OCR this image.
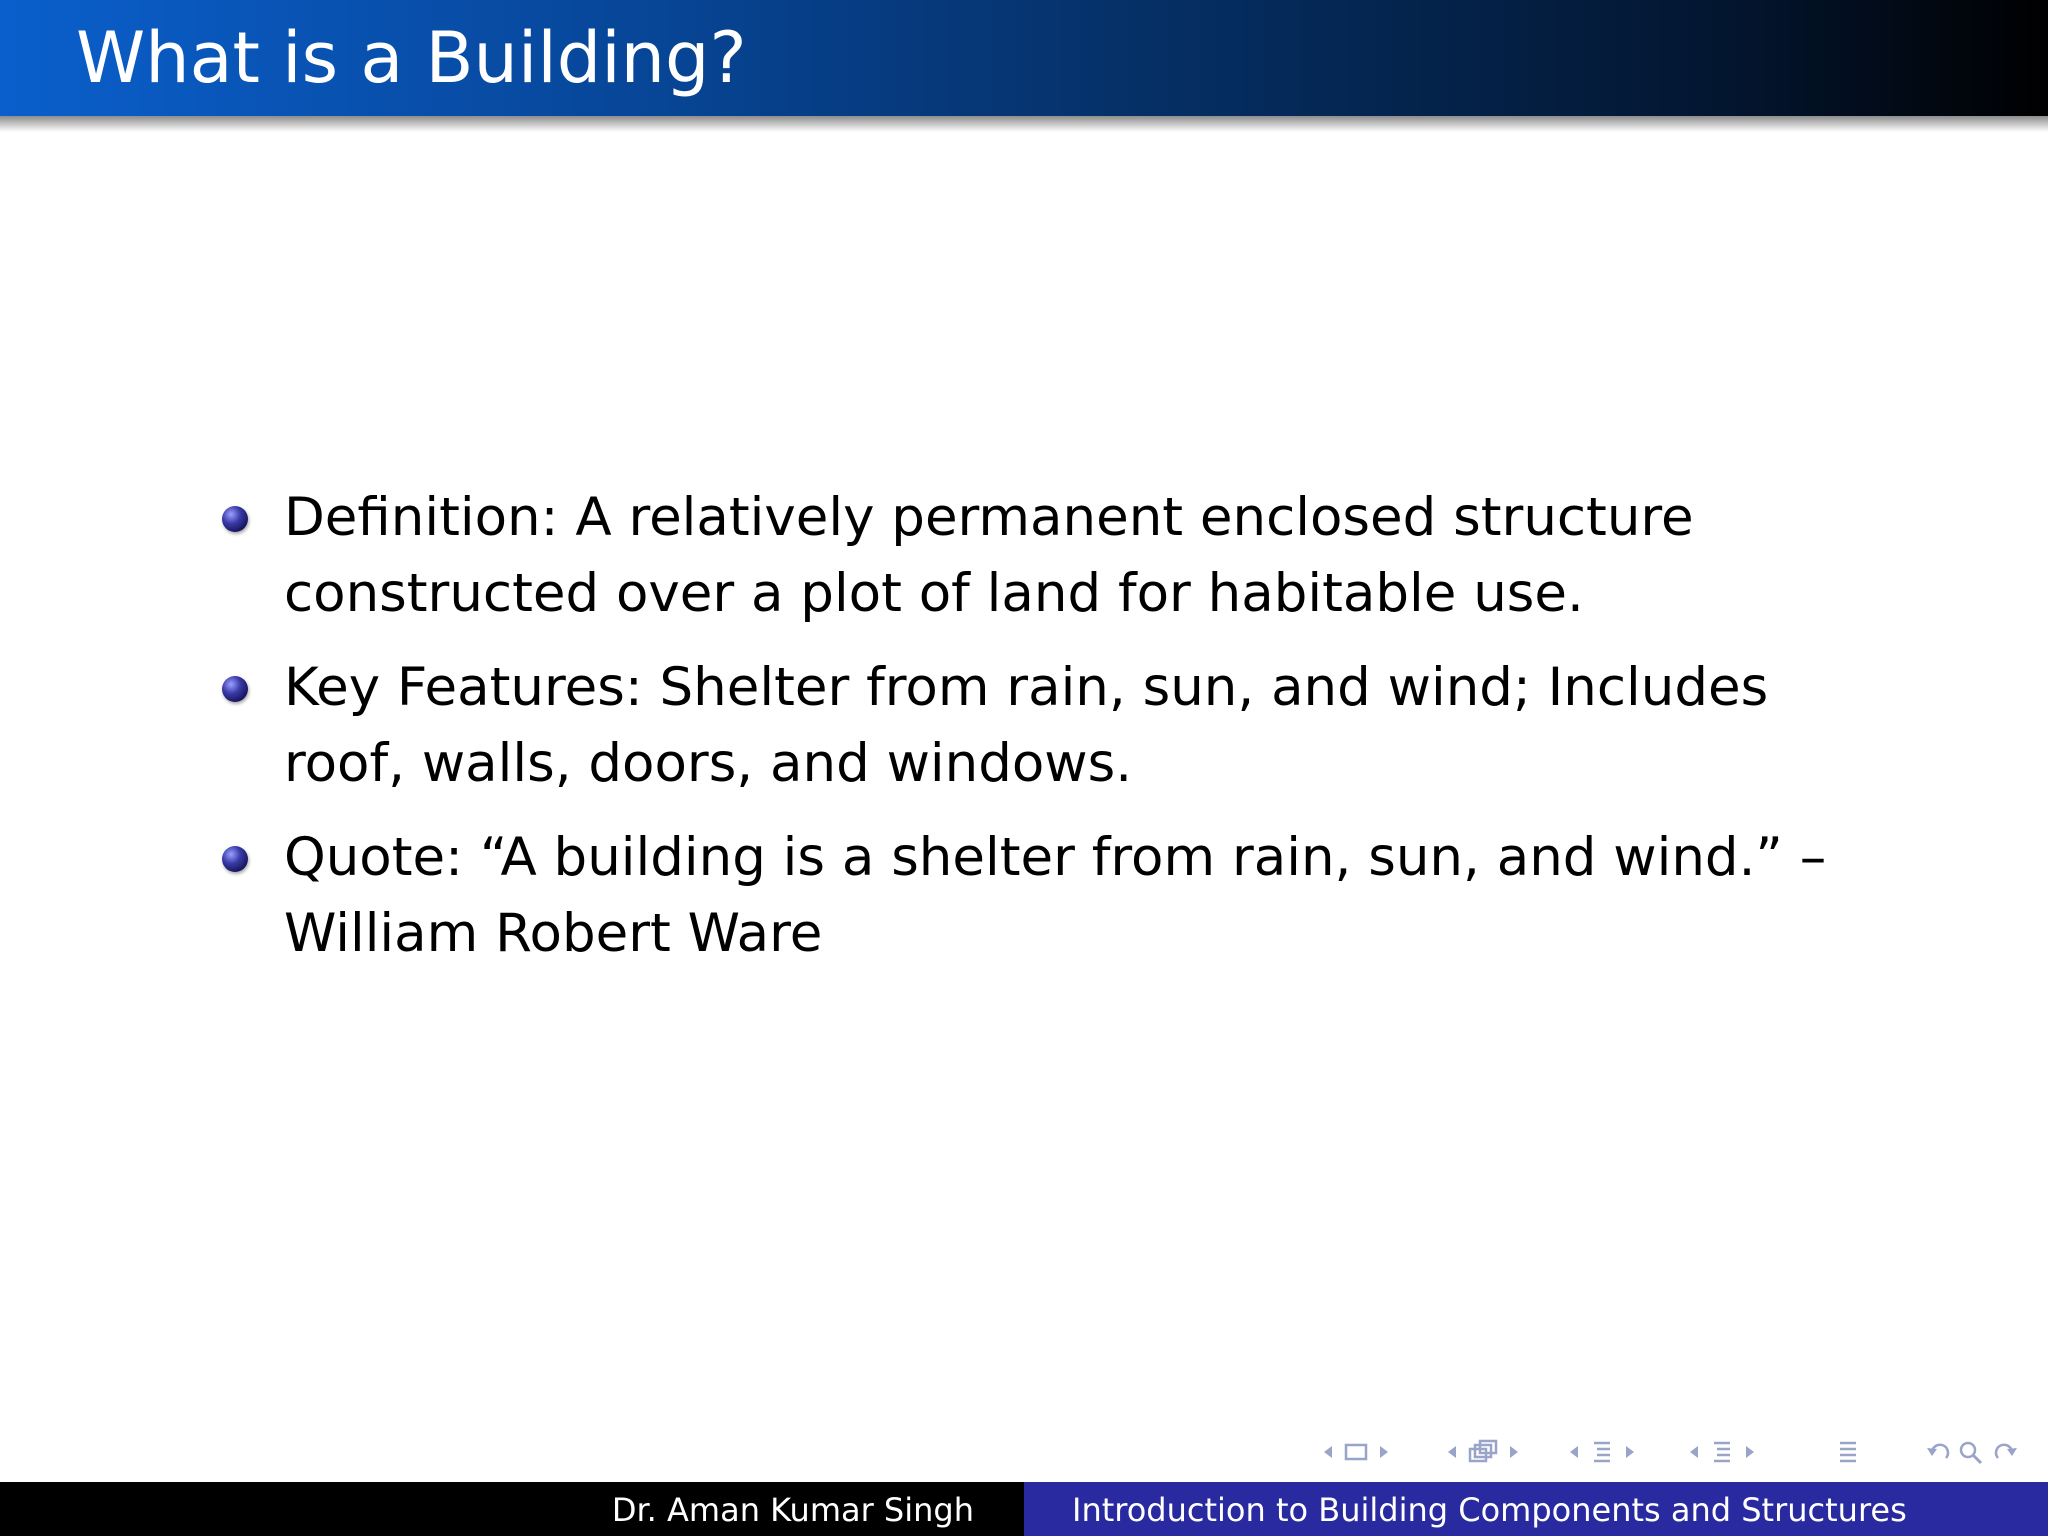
What is a Building?
Definition: A relatively permanent enclosed structure constructed over a plot of land for habitable use.
Key Features: Shelter from rain, sun, and wind; Includes roof, walls, doors, and windows.
Quote: “A building is a shelter from rain, sun, and wind.” – William Robert Ware
Dr. Aman Kumar Singh	Introduction to Building Components and Structures
